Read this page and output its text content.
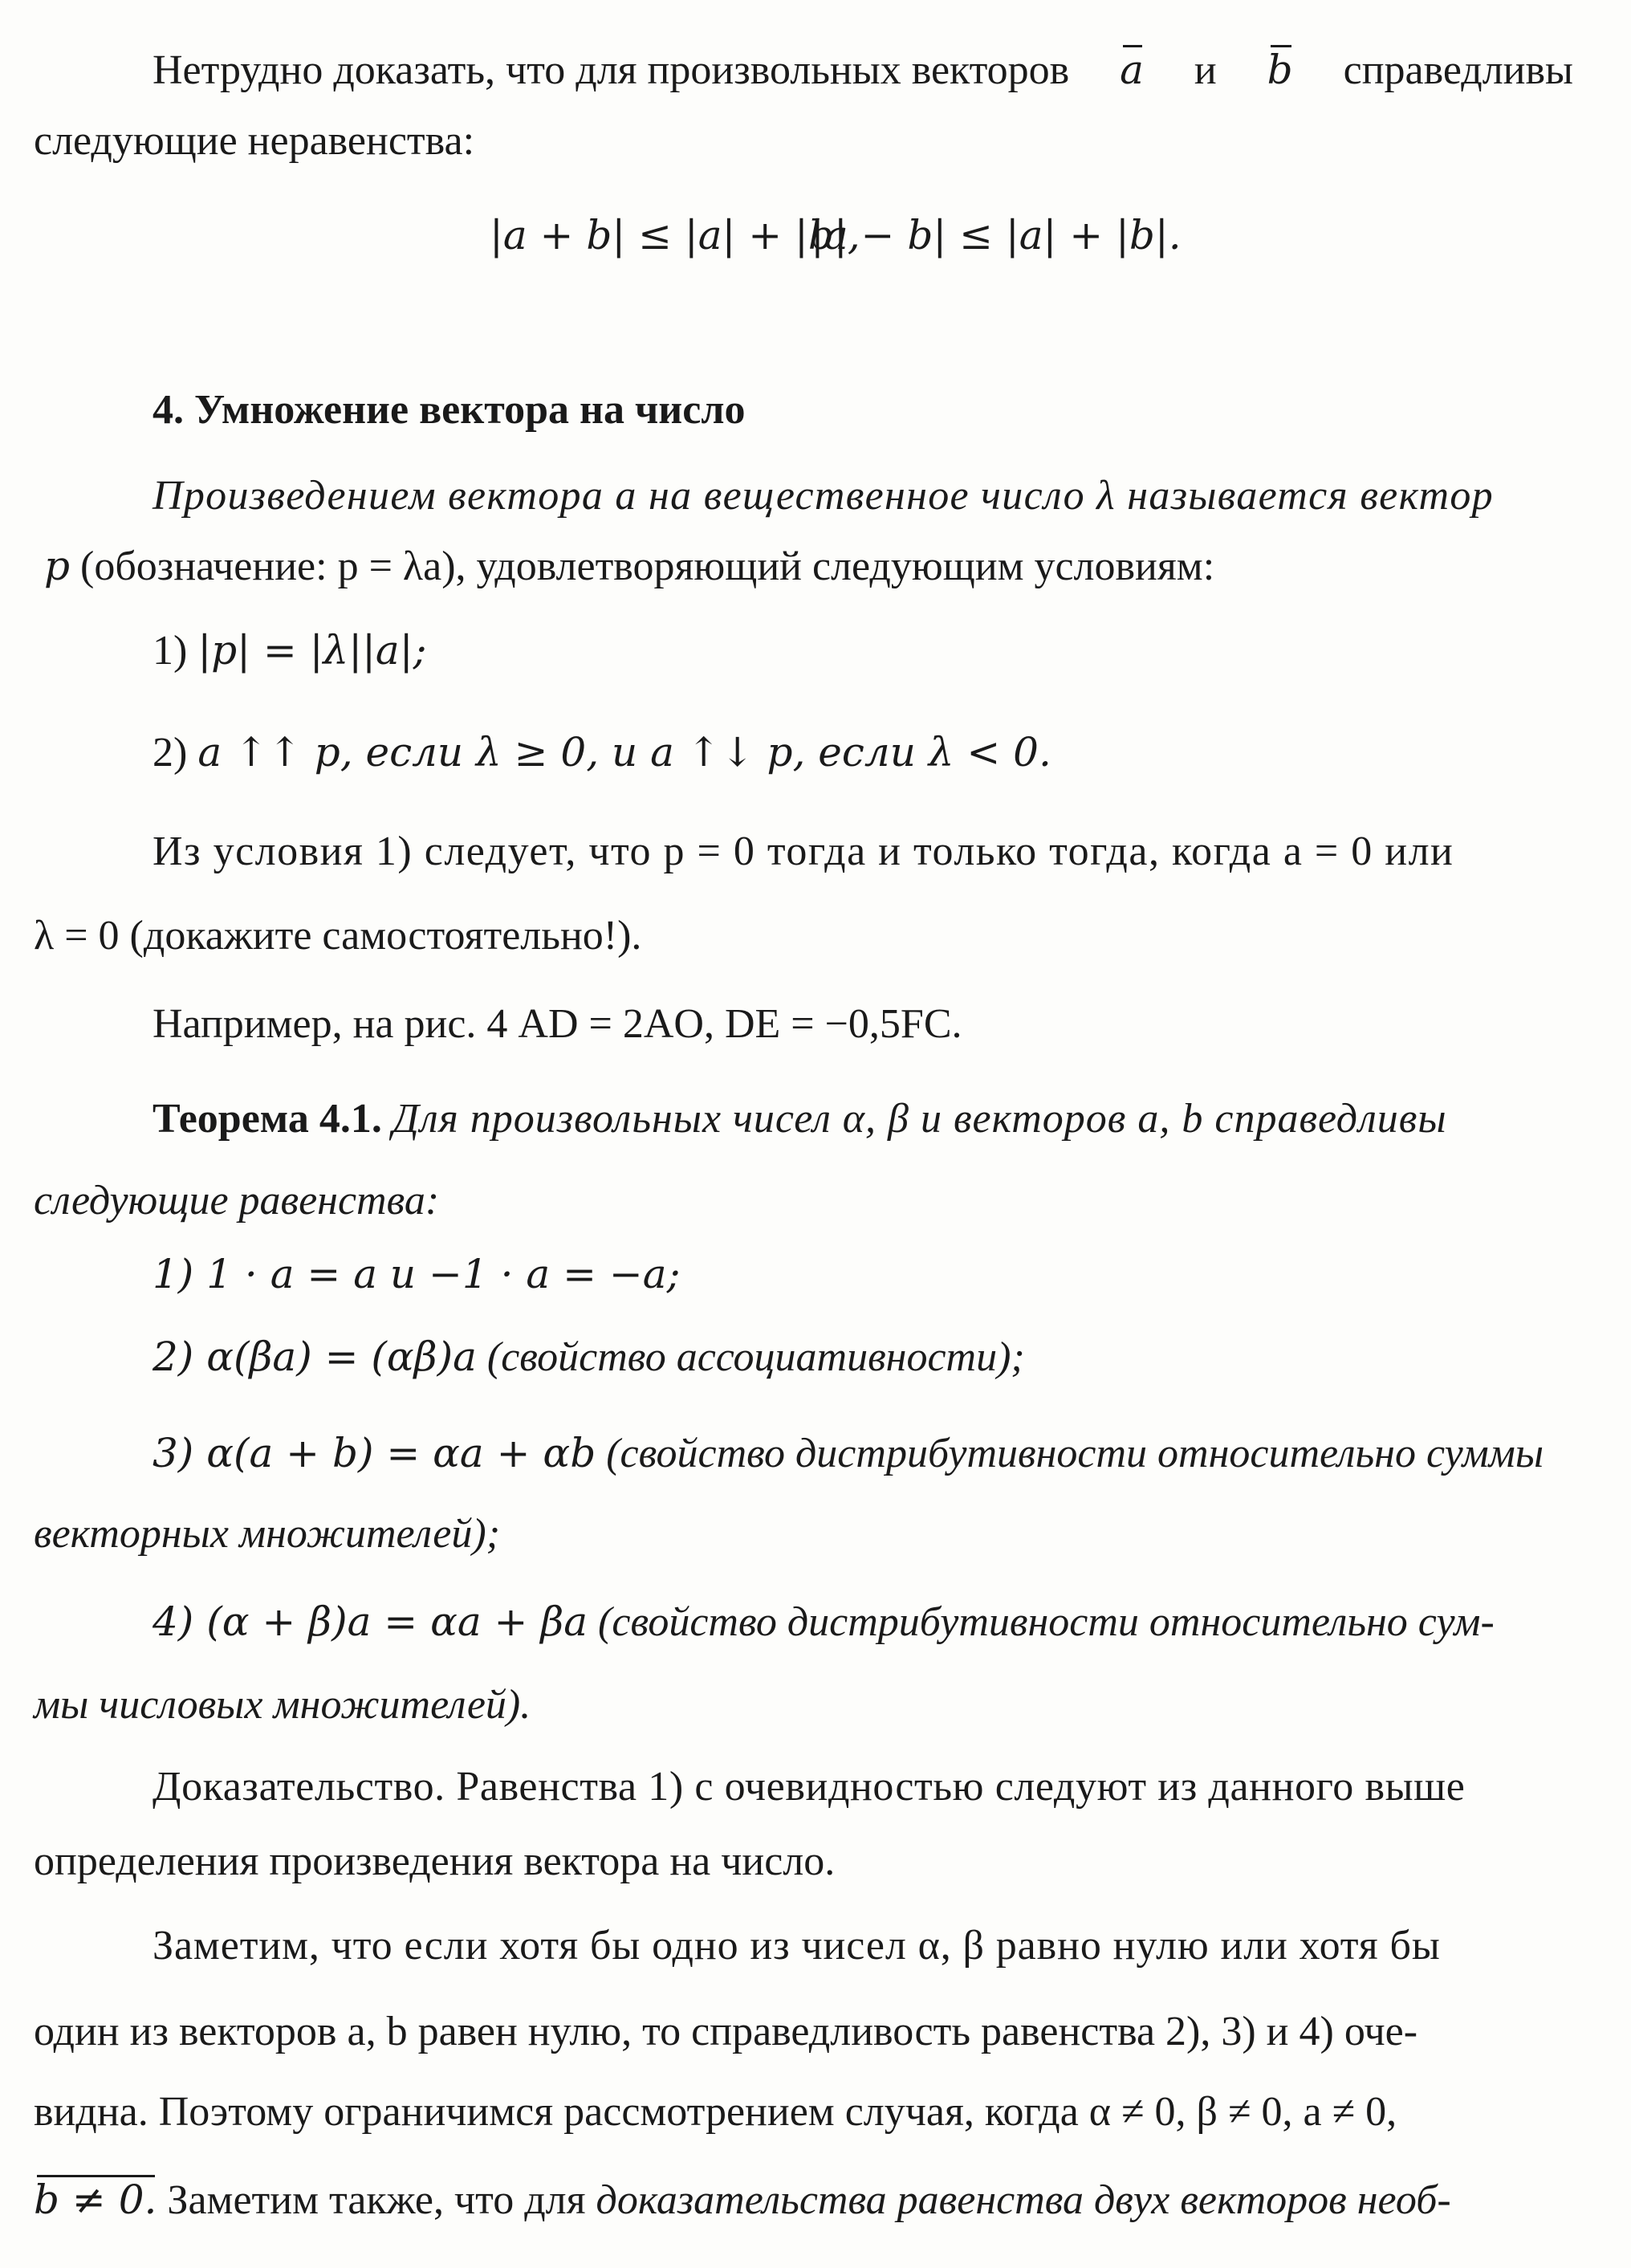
Нетрудно доказать, что для произвольных векторов a и b справедливы
следующие неравенства:
|a + b| ≤ |a| + |b|,
|a − b| ≤ |a| + |b|.
4. Умножение вектора на число
Произведением вектора a на вещественное число λ называется вектор
p (обозначение: p = λa), удовлетворяющий следующим условиям:
1) |p| = |λ||a|;
2) a ↑↑ p, если λ ≥ 0, и a ↑↓ p, если λ < 0.
Из условия 1) следует, что p = 0 тогда и только тогда, когда a = 0 или
λ = 0 (докажите самостоятельно!).
Например, на рис. 4 AD = 2AO, DE = −0,5FC.
Теорема 4.1. Для произвольных чисел α, β и векторов a, b справедливы
следующие равенства:
1) 1 · a = a и −1 · a = −a;
2) α(βa) = (αβ)a (свойство ассоциативности);
3) α(a + b) = αa + αb (свойство дистрибутивности относительно суммы
векторных множителей);
4) (α + β)a = αa + βa (свойство дистрибутивности относительно сум-
мы числовых множителей).
Доказательство. Равенства 1) с очевидностью следуют из данного выше
определения произведения вектора на число.
Заметим, что если хотя бы одно из чисел α, β равно нулю или хотя бы
один из векторов a, b равен нулю, то справедливость равенства 2), 3) и 4) оче-
видна. Поэтому ограничимся рассмотрением случая, когда α ≠ 0, β ≠ 0, a ≠ 0,
b ≠ 0. Заметим также, что для доказательства равенства двух векторов необ-
